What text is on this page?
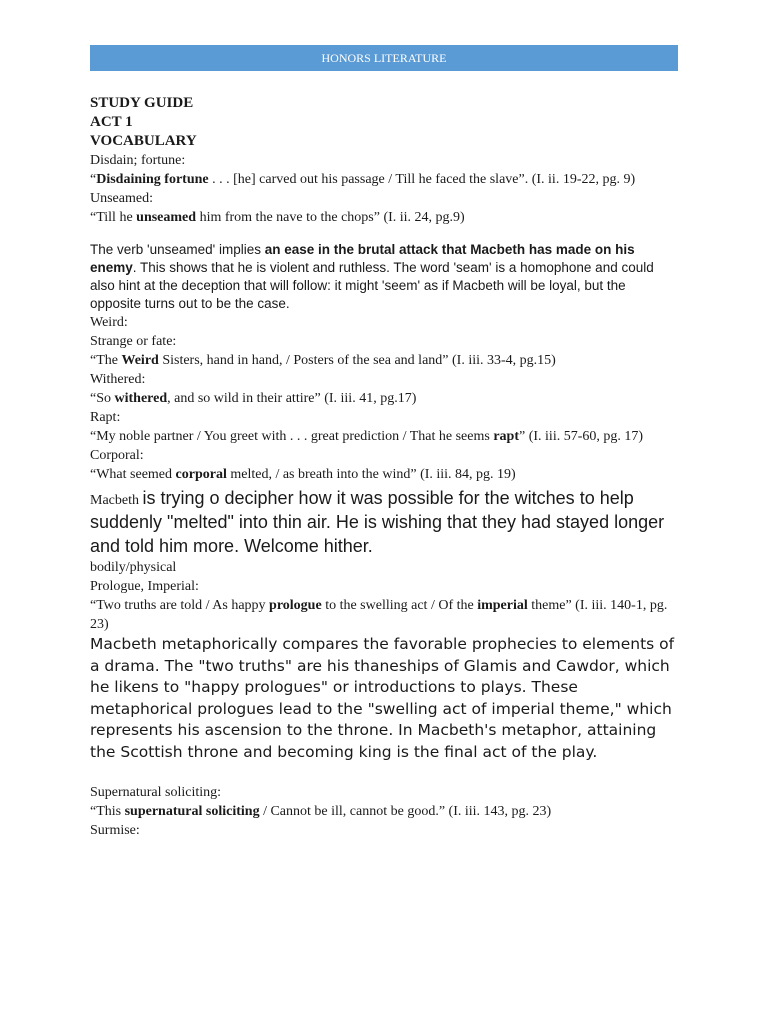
HONORS LITERATURE

STUDY GUIDE

ACT 1

VOCABULARY

Disdain; fortune:

“Disdaining fortune . . . [he] carved out his passage / Till he faced the slave”. (I. ii. 19-22, pg. 9)

Unseamed:

“Till he unseamed him from the nave to the chops” (I. ii. 24, pg.9)

The verb 'unseamed' implies an ease in the brutal attack that Macbeth has made on his enemy. This shows that he is violent and ruthless. The word 'seam' is a homophone and could also hint at the deception that will follow: it might 'seem' as if Macbeth will be loyal, but the opposite turns out to be the case.

Weird:

Strange or fate:

“The Weird Sisters, hand in hand, / Posters of the sea and land” (I. iii. 33-4, pg.15)

Withered:

“So withered, and so wild in their attire” (I. iii. 41, pg.17)

Rapt:

“My noble partner / You greet with . . . great prediction / That he seems rapt” (I. iii. 57-60, pg. 17)

Corporal:

“What seemed corporal melted, / as breath into the wind” (I. iii. 84, pg. 19)

Macbeth is trying o decipher how it was possible for the witches to help suddenly "melted" into thin air. He is wishing that they had stayed longer and told him more. Welcome hither.

bodily/physical

Prologue, Imperial:

“Two truths are told / As happy prologue to the swelling act / Of the imperial theme” (I. iii. 140-1, pg. 23)

Macbeth metaphorically compares the favorable prophecies to elements of a drama. The "two truths" are his thaneships of Glamis and Cawdor, which he likens to "happy prologues" or introductions to plays. These metaphorical prologues lead to the "swelling act of imperial theme," which represents his ascension to the throne. In Macbeth's metaphor, attaining the Scottish throne and becoming king is the final act of the play.

Supernatural soliciting:

“This supernatural soliciting / Cannot be ill, cannot be good.” (I. iii. 143, pg. 23)

Surmise:
